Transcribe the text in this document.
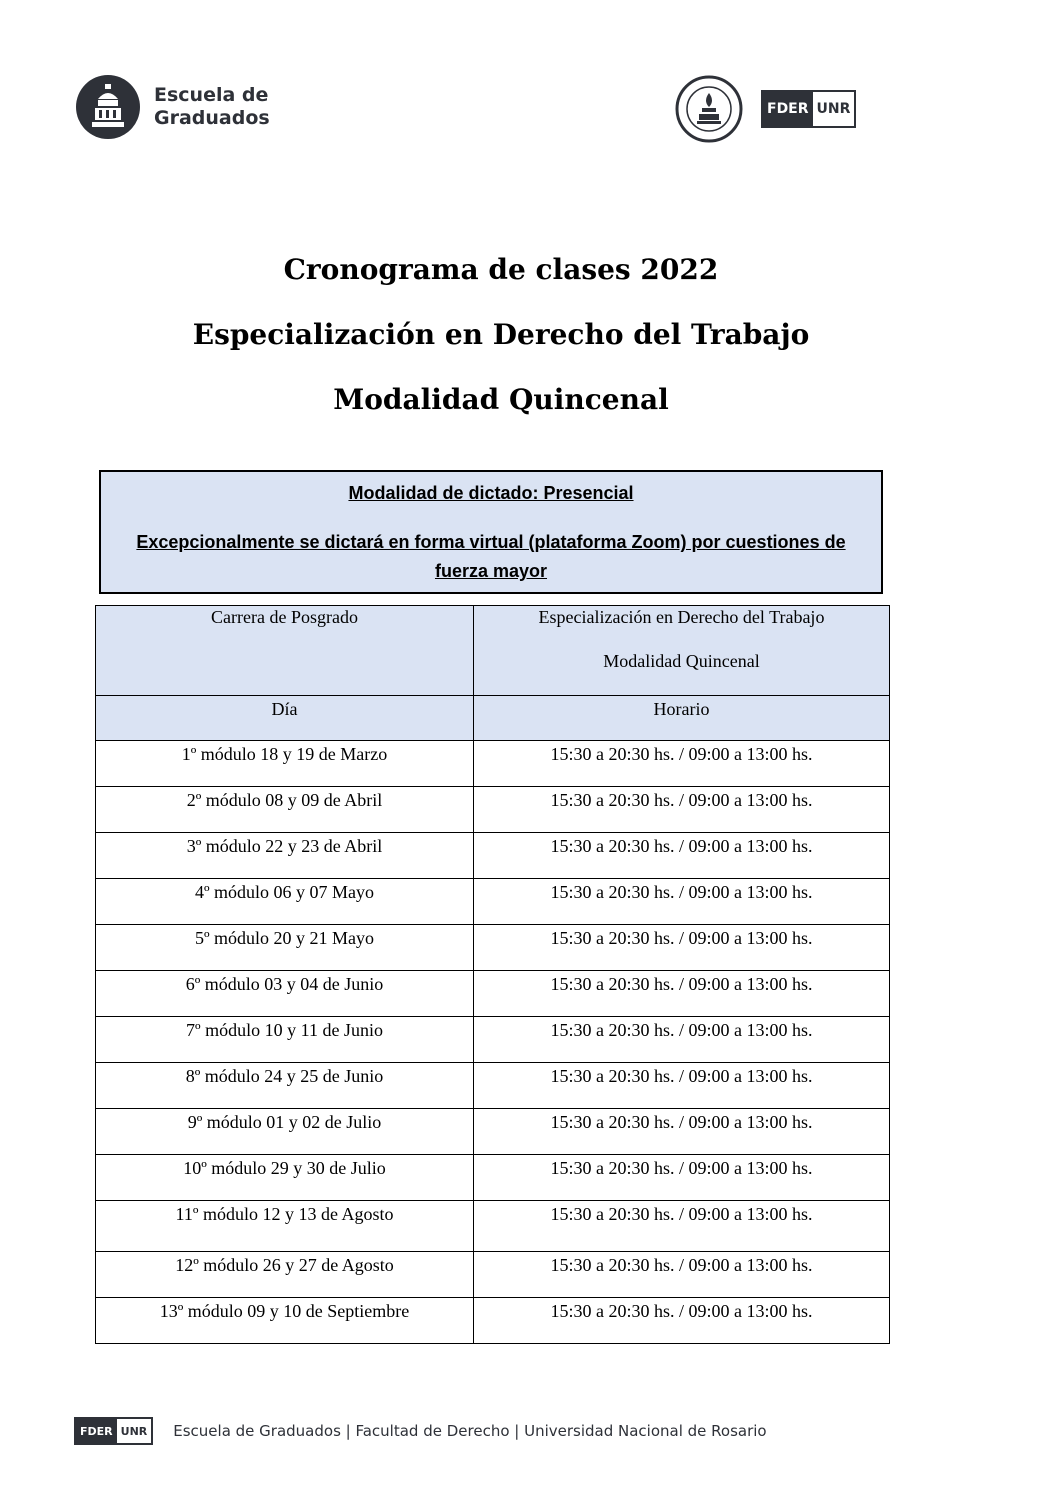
Escuela de
Graduados	FDER UNR
Cronograma de clases 2022
Especialización en Derecho del Trabajo
Modalidad Quincenal
Modalidad de dictado: Presencial
Excepcionalmente se dictará en forma virtual (plataforma Zoom) por cuestiones de fuerza mayor
Carrera de Posgrado	Especialización en Derecho del Trabajo
Modalidad Quincenal

Día	Horario
1º módulo 18 y 19 de Marzo	15:30 a 20:30 hs. / 09:00 a 13:00 hs.
2º módulo 08 y 09 de Abril	15:30 a 20:30 hs. / 09:00 a 13:00 hs.
3º módulo 22 y 23 de Abril	15:30 a 20:30 hs. / 09:00 a 13:00 hs.
4º módulo 06 y 07 Mayo	15:30 a 20:30 hs. / 09:00 a 13:00 hs.
5º módulo 20 y 21 Mayo	15:30 a 20:30 hs. / 09:00 a 13:00 hs.
6º módulo 03 y 04 de Junio	15:30 a 20:30 hs. / 09:00 a 13:00 hs.
7º módulo 10 y 11 de Junio	15:30 a 20:30 hs. / 09:00 a 13:00 hs.
8º módulo 24 y 25 de Junio	15:30 a 20:30 hs. / 09:00 a 13:00 hs.
9º módulo 01 y 02 de Julio	15:30 a 20:30 hs. / 09:00 a 13:00 hs.
10º módulo 29 y 30 de Julio	15:30 a 20:30 hs. / 09:00 a 13:00 hs.
11º módulo 12 y 13 de Agosto	15:30 a 20:30 hs. / 09:00 a 13:00 hs.
12º módulo 26 y 27 de Agosto	15:30 a 20:30 hs. / 09:00 a 13:00 hs.
13º módulo 09 y 10 de Septiembre	15:30 a 20:30 hs. / 09:00 a 13:00 hs.
FDER UNR Escuela de Graduados | Facultad de Derecho | Universidad Nacional de Rosario
